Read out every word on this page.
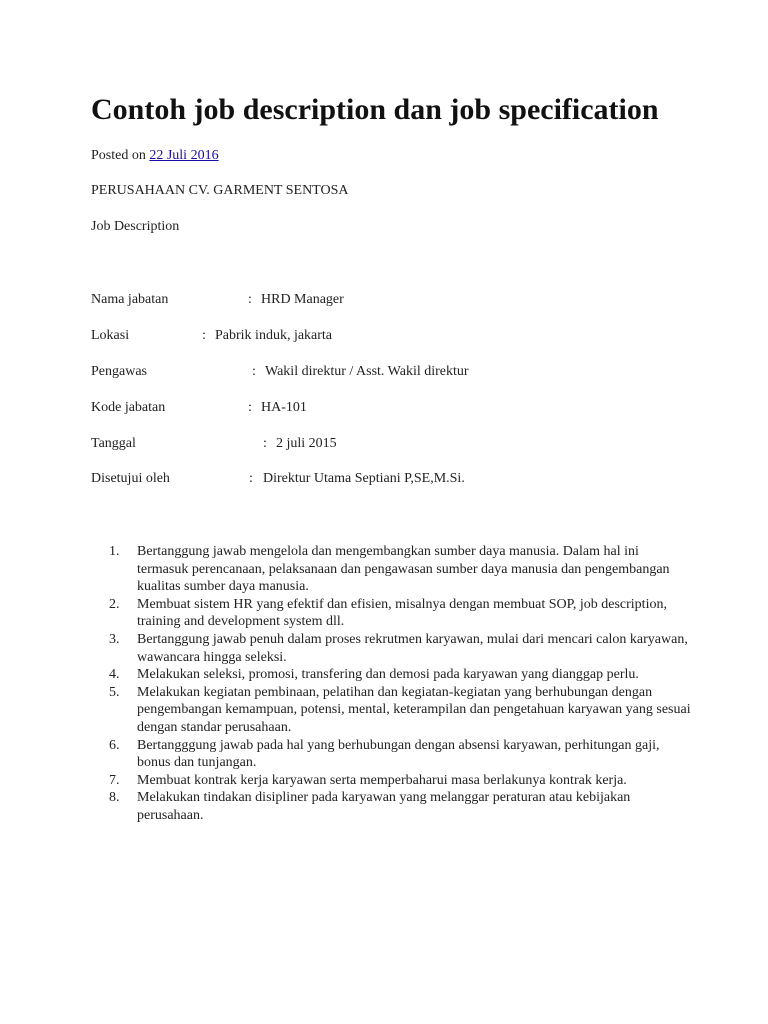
Contoh job description dan job specification
Posted on 22 Juli 2016
PERUSAHAAN CV. GARMENT SENTOSA
Job Description
Nama jabatan	: HRD Manager
Lokasi	: Pabrik induk, jakarta
Pengawas	: Wakil direktur / Asst. Wakil direktur
Kode jabatan	: HA-101
Tanggal	: 2 juli 2015
Disetujui oleh	: Direktur Utama Septiani P,SE,M.Si.
1.	Bertanggung jawab mengelola dan mengembangkan sumber daya manusia. Dalam hal ini termasuk perencanaan, pelaksanaan dan pengawasan sumber daya manusia dan pengembangan kualitas sumber daya manusia.
2.	Membuat sistem HR yang efektif dan efisien, misalnya dengan membuat SOP, job description, training and development system dll.
3.	Bertanggung jawab penuh dalam proses rekrutmen karyawan, mulai dari mencari calon karyawan, wawancara hingga seleksi.
4.	Melakukan seleksi, promosi, transfering dan demosi pada karyawan yang dianggap perlu.
5.	Melakukan kegiatan pembinaan, pelatihan dan kegiatan-kegiatan yang berhubungan dengan pengembangan kemampuan, potensi, mental, keterampilan dan pengetahuan karyawan yang sesuai dengan standar perusahaan.
6.	Bertangggung jawab pada hal yang berhubungan dengan absensi karyawan, perhitungan gaji, bonus dan tunjangan.
7.	Membuat kontrak kerja karyawan serta memperbaharui masa berlakunya kontrak kerja.
8.	Melakukan tindakan disipliner pada karyawan yang melanggar peraturan atau kebijakan perusahaan.
